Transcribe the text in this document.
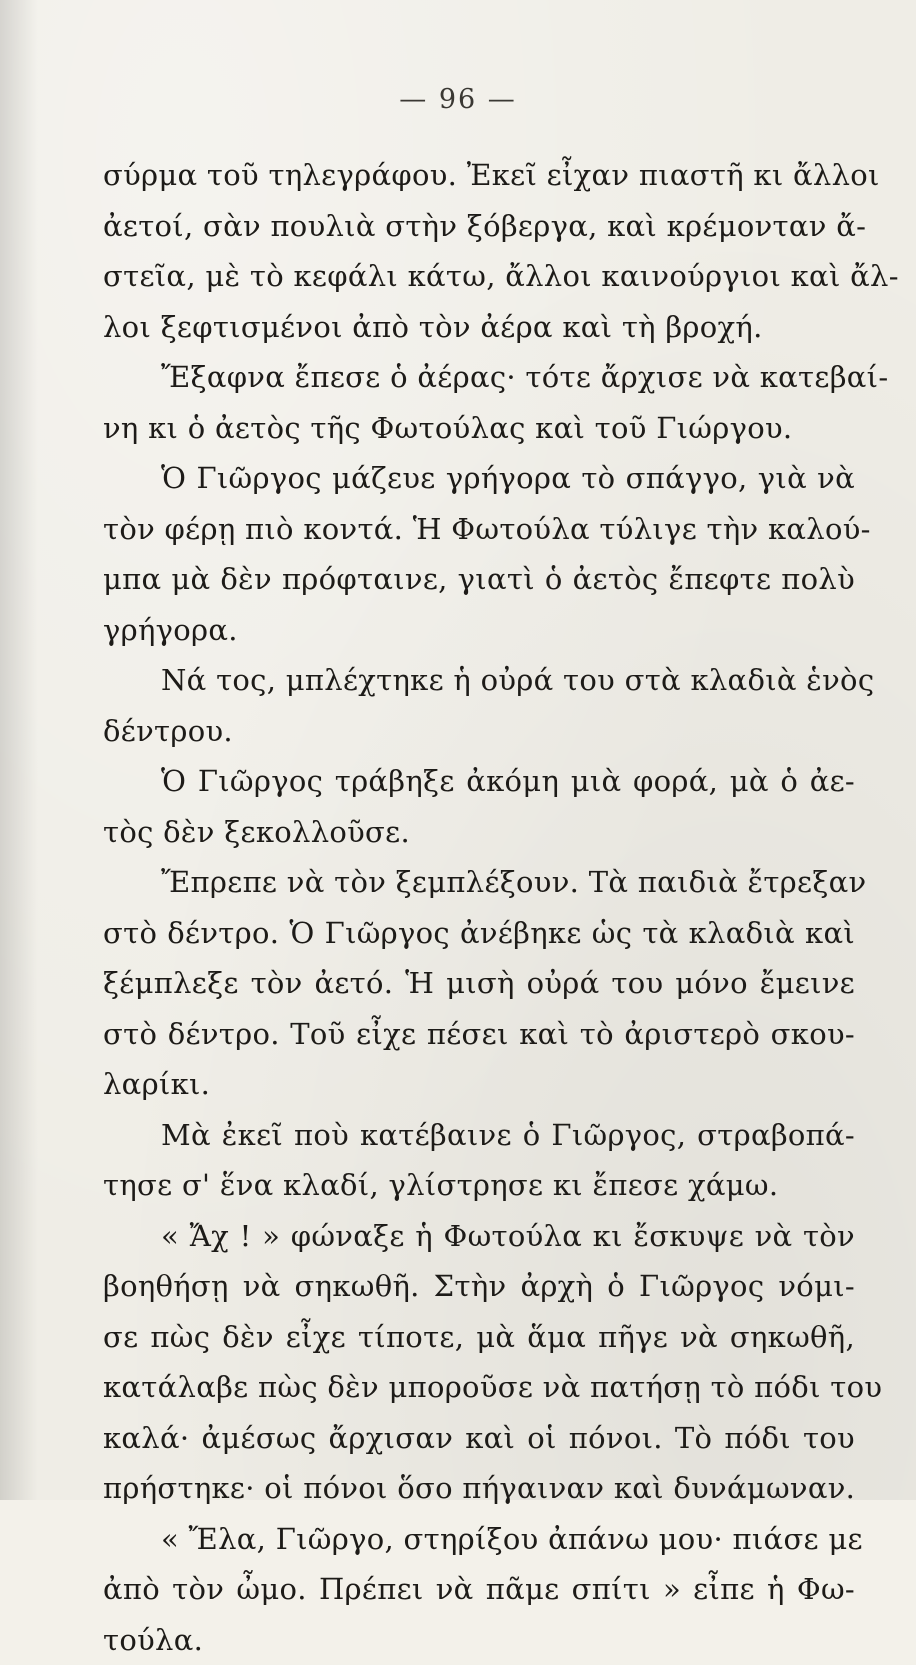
— 96 —
σύρμα τοῦ τηλεγράφου. Ἐκεῖ εἶχαν πιαστῆ κι ἄλλοι
ἀετοί, σὰν πουλιὰ στὴν ξόβεργα, καὶ κρέμονταν ἄ-
στεῖα, μὲ τὸ κεφάλι κάτω, ἄλλοι καινούργιοι καὶ ἄλ-
λοι ξεφτισμένοι ἀπὸ τὸν ἀέρα καὶ τὴ βροχή.
Ἔξαφνα ἔπεσε ὁ ἀέρας· τότε ἄρχισε νὰ κατεβαί-
νη κι ὁ ἀετὸς τῆς Φωτούλας καὶ τοῦ Γιώργου.
Ὁ Γιῶργος μάζευε γρήγορα τὸ σπάγγο, γιὰ νὰ
τὸν φέρῃ πιὸ κοντά. Ἡ Φωτούλα τύλιγε τὴν καλού-
μπα μὰ δὲν πρόφταινε, γιατὶ ὁ ἀετὸς ἔπεφτε πολὺ
γρήγορα.
Νά τος, μπλέχτηκε ἡ οὐρά του στὰ κλαδιὰ ἑνὸς
δέντρου.
Ὁ Γιῶργος τράβηξε ἀκόμη μιὰ φορά, μὰ ὁ ἀε-
τὸς δὲν ξεκολλοῦσε.
Ἔπρεπε νὰ τὸν ξεμπλέξουν. Τὰ παιδιὰ ἔτρεξαν
στὸ δέντρο. Ὁ Γιῶργος ἀνέβηκε ὡς τὰ κλαδιὰ καὶ
ξέμπλεξε τὸν ἀετό. Ἡ μισὴ οὐρά του μόνο ἔμεινε
στὸ δέντρο. Τοῦ εἶχε πέσει καὶ τὸ ἀριστερὸ σκου-
λαρίκι.
Μὰ ἐκεῖ ποὺ κατέβαινε ὁ Γιῶργος, στραβοπά-
τησε σ' ἕνα κλαδί, γλίστρησε κι ἔπεσε χάμω.
« Ἄχ ! » φώναξε ἡ Φωτούλα κι ἔσκυψε νὰ τὸν
βοηθήσῃ νὰ σηκωθῆ. Στὴν ἀρχὴ ὁ Γιῶργος νόμι-
σε πὼς δὲν εἶχε τίποτε, μὰ ἅμα πῆγε νὰ σηκωθῆ,
κατάλαβε πὼς δὲν μποροῦσε νὰ πατήσῃ τὸ πόδι του
καλά· ἀμέσως ἄρχισαν καὶ οἱ πόνοι. Τὸ πόδι του
πρήστηκε· οἱ πόνοι ὅσο πήγαιναν καὶ δυνάμωναν.
« Ἔλα, Γιῶργο, στηρίξου ἀπάνω μου· πιάσε με
ἀπὸ τὸν ὦμο. Πρέπει νὰ πᾶμε σπίτι » εἶπε ἡ Φω-
τούλα.
